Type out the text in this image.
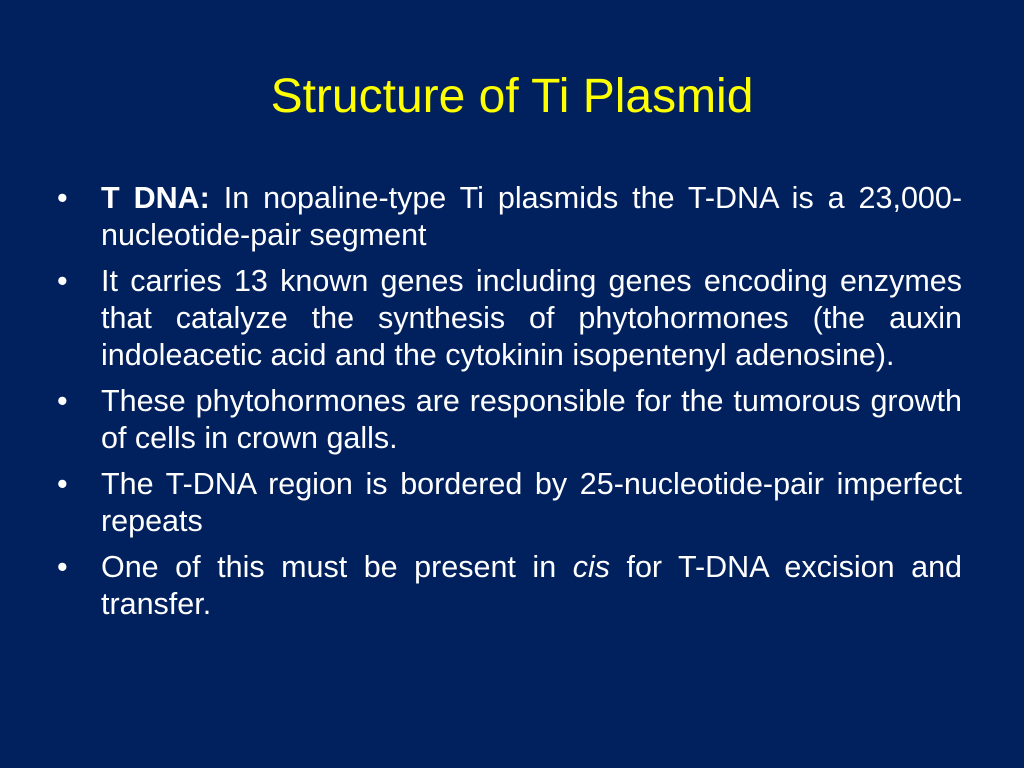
Structure of Ti Plasmid
•	T DNA: In nopaline-type Ti plasmids the T-DNA is a 23,000-nucleotide-pair segment
•	It carries 13 known genes including genes encoding enzymes that catalyze the synthesis of phytohormones (the auxin indoleacetic acid and the cytokinin isopentenyl adenosine).
•	These phytohormones are responsible for the tumorous growth of cells in crown galls.
•	The T-DNA region is bordered by 25-nucleotide-pair imperfect repeats
•	One of this must be present in cis for T-DNA excision and transfer.
